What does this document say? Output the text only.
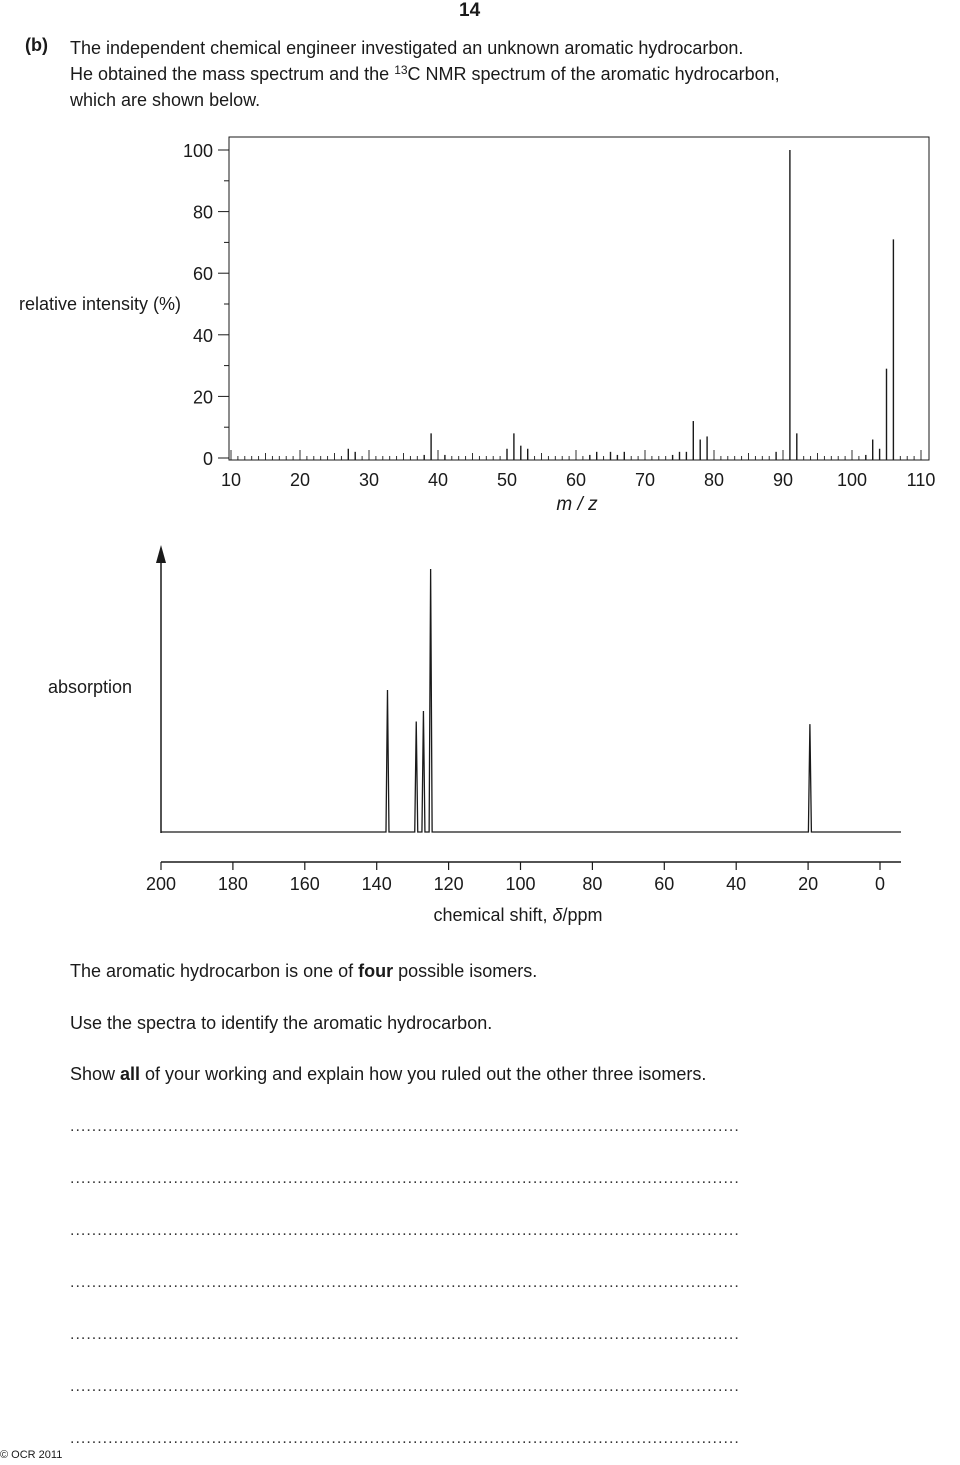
14
(b) The independent chemical engineer investigated an unknown aromatic hydrocarbon.
He obtained the mass spectrum and the $^{13}$C NMR spectrum of the aromatic hydrocarbon,
which are shown below.
0
20
40
60
80
100
10	20	30	40	50	60	70	80	90 100 110
relative intensity (%)
m / z
200 180 160 140 120 100	80	60	40	20	0
absorption
chemical shift, δ/ppm
The aromatic hydrocarbon is one of four possible isomers.
Use the spectra to identify the aromatic hydrocarbon.
Show all of your working and explain how you ruled out the other three isomers.
...........................................................................................................................
...........................................................................................................................
...........................................................................................................................
...........................................................................................................................
...........................................................................................................................
...........................................................................................................................
...........................................................................................................................
© OCR 2011
